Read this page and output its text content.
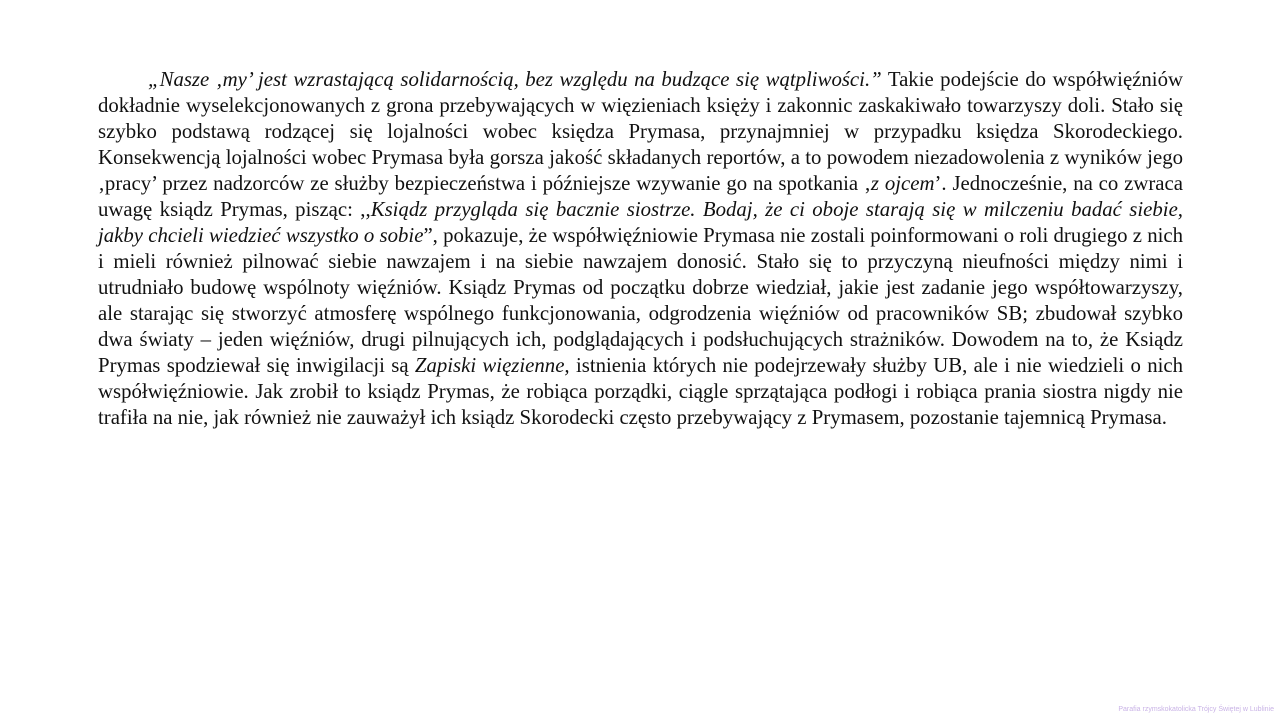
„Nasze ‚my’ jest wzrastającą solidarnością, bez względu na budzące się wątpliwości.” Takie podejście do współwięźniów dokładnie wyselekcjonowanych z grona przebywających w więzieniach księży i zakonnic zaskakiwało towarzyszy doli. Stało się szybko podstawą rodzącej się lojalności wobec księdza Prymasa, przynajmniej w przypadku księdza Skorodeckiego. Konsekwencją lojalności wobec Prymasa była gorsza jakość składanych reportów, a to powodem niezadowolenia z wyników jego ‚pracy’ przez nadzorców ze służby bezpieczeństwa i późniejsze wzywanie go na spotkania ‚z ojcem’. Jednocześnie, na co zwraca uwagę ksiądz Prymas, pisząc: ,,Ksiądz przygląda się bacznie siostrze. Bodaj, że ci oboje starają się w milczeniu badać siebie, jakby chcieli wiedzieć wszystko o sobie”, pokazuje, że współwięźniowie Prymasa nie zostali poinformowani o roli drugiego z nich i mieli również pilnować siebie nawzajem i na siebie nawzajem donosić. Stało się to przyczyną nieufności między nimi i utrudniało budowę wspólnoty więźniów. Ksiądz Prymas od początku dobrze wiedział, jakie jest zadanie jego współtowarzyszy, ale starając się stworzyć atmosferę wspólnego funkcjonowania, odgrodzenia więźniów od pracowników SB; zbudował szybko dwa światy – jeden więźniów, drugi pilnujących ich, podglądających i podsłuchujących strażników. Dowodem na to, że Ksiądz Prymas spodziewał się inwigilacji są Zapiski więzienne, istnienia których nie podejrzewały służby UB, ale i nie wiedzieli o nich współwięźniowie. Jak zrobił to ksiądz Prymas, że robiąca porządki, ciągle sprzątająca podłogi i robiąca prania siostra nigdy nie trafiła na nie, jak również nie zauważył ich ksiądz Skorodecki często przebywający z Prymasem, pozostanie tajemnicą Prymasa.

Parafia rzymskokatolicka Trójcy Świętej w Lublinie
